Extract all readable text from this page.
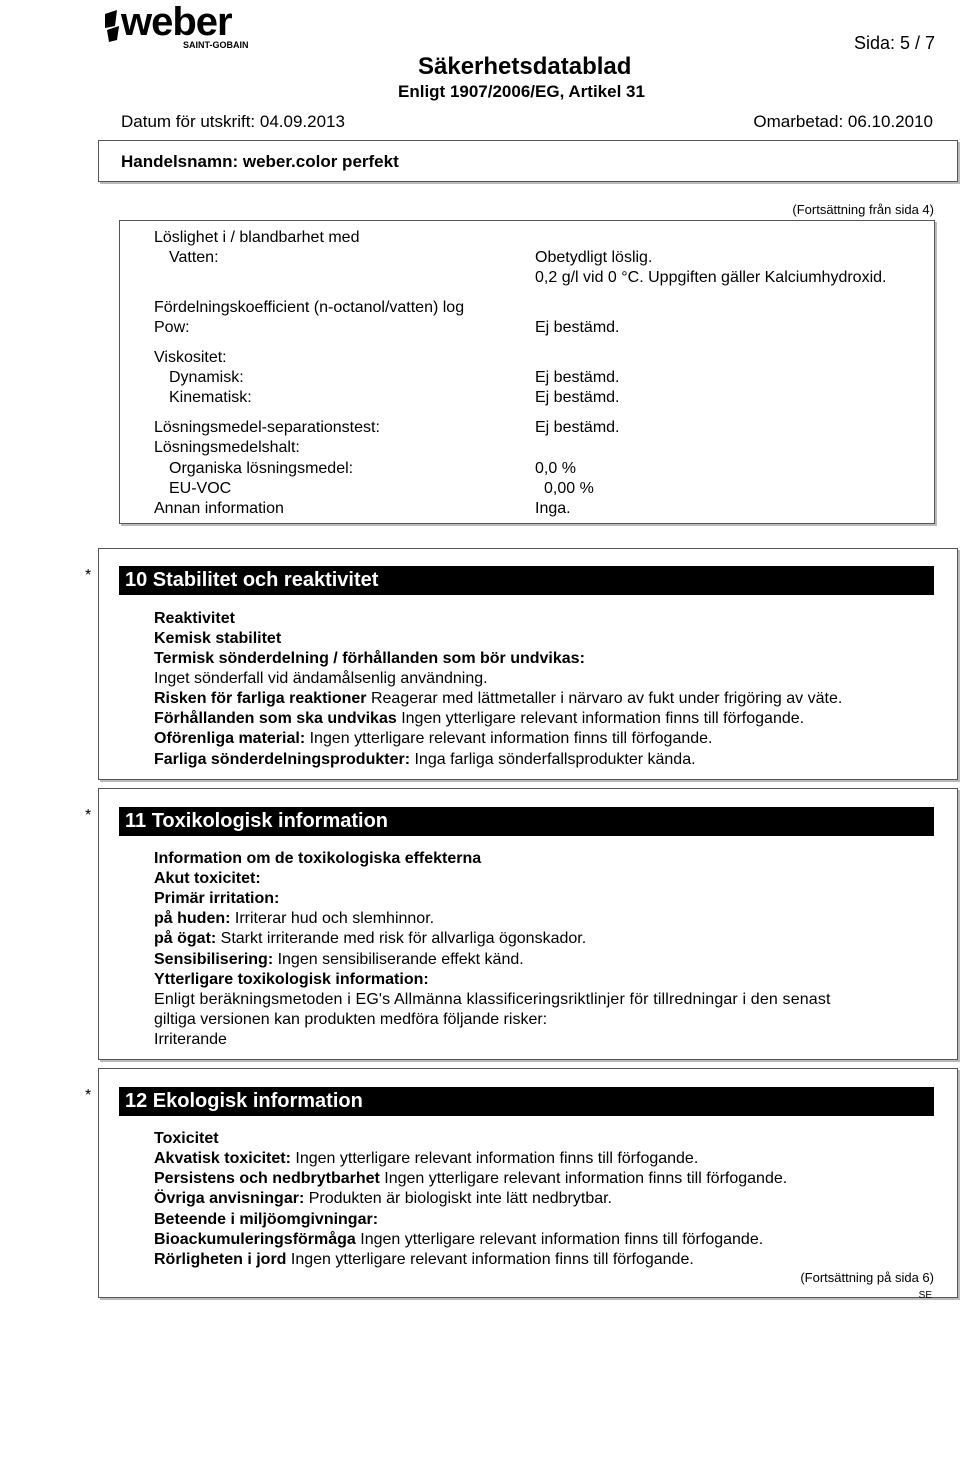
weber
SAINT-GOBAIN	Sida: 5 / 7
Säkerhetsdatablad
Enligt 1907/2006/EG, Artikel 31
Datum för utskrift: 04.09.2013	Omarbetad: 06.10.2010
Handelsnamn: weber.color perfekt
(Fortsättning från sida 4)
Löslighet i / blandbarhet med
Vatten:	Obetydligt löslig.
0,2 g/l vid 0 °C. Uppgiften gäller Kalciumhydroxid.
Fördelningskoefficient (n-octanol/vatten) log
Pow:	Ej bestämd.
Viskositet:
Dynamisk:	Ej bestämd.
Kinematisk:	Ej bestämd.
Lösningsmedel-separationstest:	Ej bestämd.
Lösningsmedelshalt:
Organiska lösningsmedel:	0,0 %
EU-VOC	0,00 %
Annan information	Inga.
*	10 Stabilitet och reaktivitet
Reaktivitet
Kemisk stabilitet
Termisk sönderdelning / förhållanden som bör undvikas:
Inget sönderfall vid ändamålsenlig användning.
Risken för farliga reaktioner Reagerar med lättmetaller i närvaro av fukt under frigöring av väte.
Förhållanden som ska undvikas Ingen ytterligare relevant information finns till förfogande.
Oförenliga material: Ingen ytterligare relevant information finns till förfogande.
Farliga sönderdelningsprodukter: Inga farliga sönderfallsprodukter kända.
*	11 Toxikologisk information
Information om de toxikologiska effekterna
Akut toxicitet:
Primär irritation:
på huden: Irriterar hud och slemhinnor.
på ögat: Starkt irriterande med risk för allvarliga ögonskador.
Sensibilisering: Ingen sensibiliserande effekt känd.
Ytterligare toxikologisk information:
Enligt beräkningsmetoden i EG's Allmänna klassificeringsriktlinjer för tillredningar i den senast
giltiga versionen kan produkten medföra följande risker:
Irriterande
*	12 Ekologisk information
Toxicitet
Akvatisk toxicitet: Ingen ytterligare relevant information finns till förfogande.
Persistens och nedbrytbarhet Ingen ytterligare relevant information finns till förfogande.
Övriga anvisningar: Produkten är biologiskt inte lätt nedbrytbar.
Beteende i miljöomgivningar:
Bioackumuleringsförmåga Ingen ytterligare relevant information finns till förfogande.
Rörligheten i jord Ingen ytterligare relevant information finns till förfogande.
(Fortsättning på sida 6)
SE
